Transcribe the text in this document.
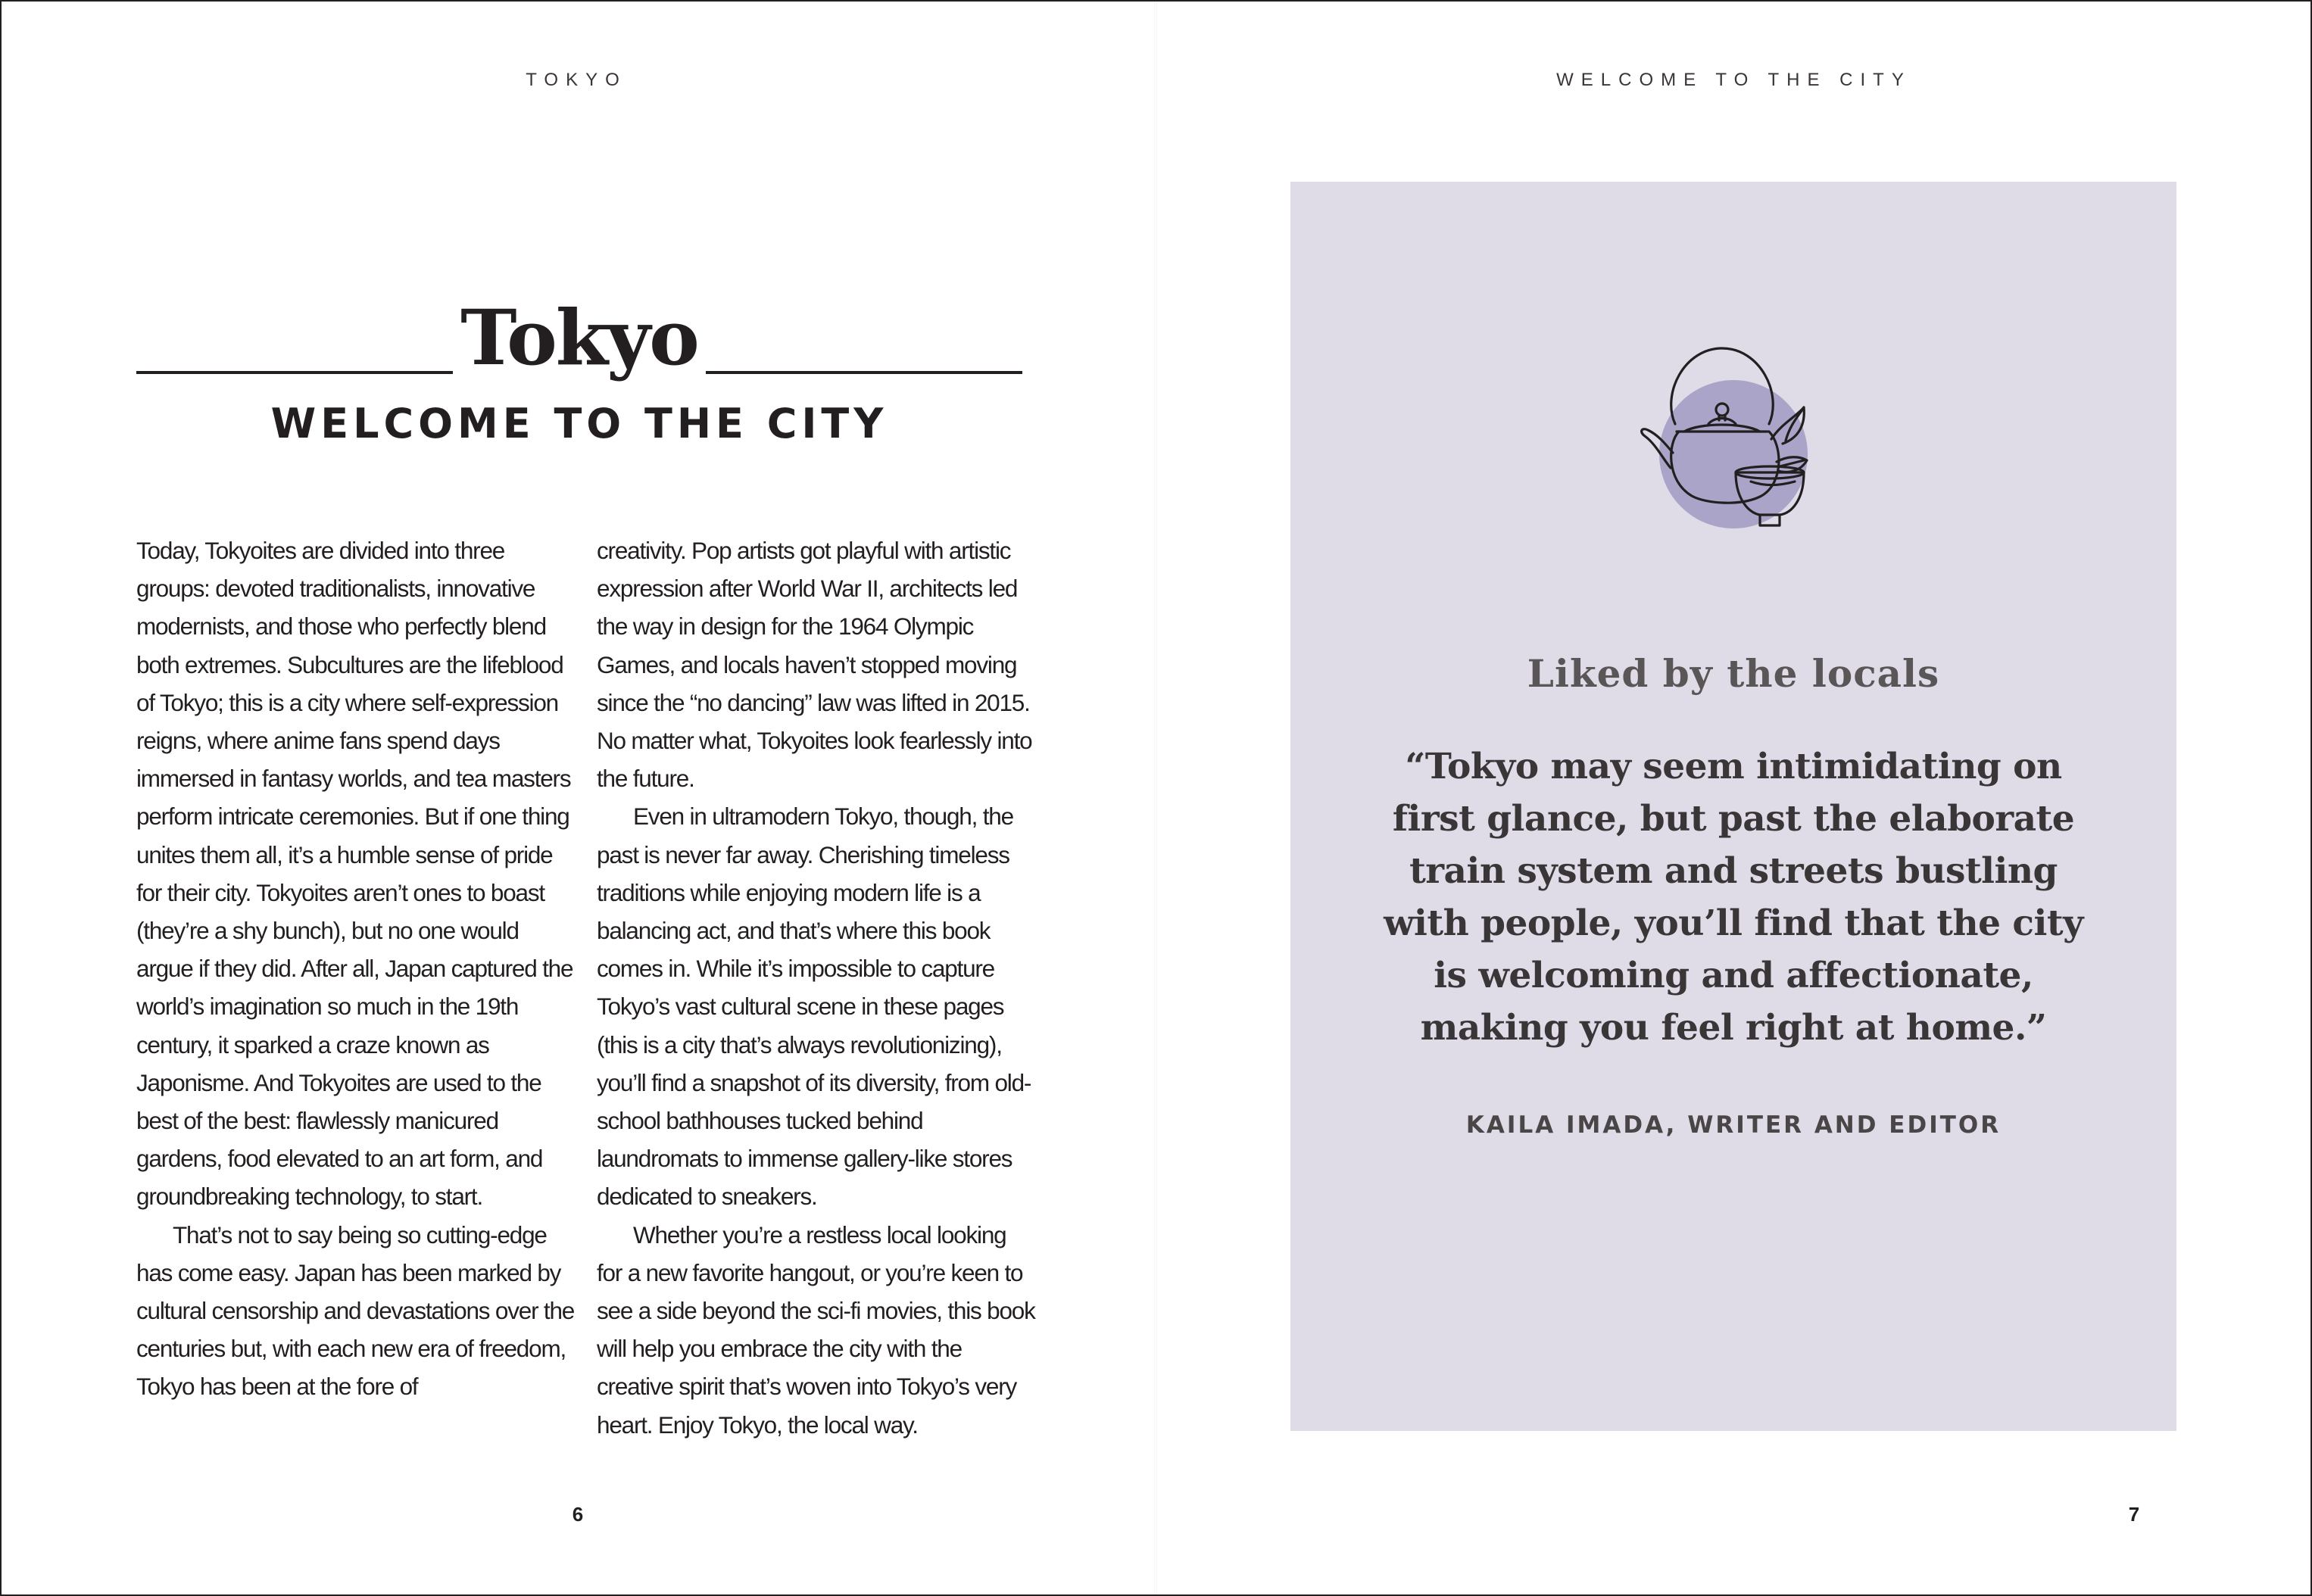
TOKYO
Tokyo
WELCOME TO THE CITY

Today, Tokyoites are divided into three groups: devoted traditionalists, innovative modernists, and those who perfectly blend both extremes. Subcultures are the lifeblood of Tokyo; this is a city where self-expression reigns, where anime fans spend days immersed in fantasy worlds, and tea masters perform intricate ceremonies. But if one thing unites them all, it’s a humble sense of pride for their city. Tokyoites aren’t ones to boast (they’re a shy bunch), but no one would argue if they did. After all, Japan captured the world’s imagination so much in the 19th century, it sparked a craze known as Japonisme. And Tokyoites are used to the best of the best: flawlessly manicured gardens, food elevated to an art form, and groundbreaking technology, to start.

That’s not to say being so cutting-edge has come easy. Japan has been marked by cultural censorship and devastations over the centuries but, with each new era of freedom, Tokyo has been at the fore of

creativity. Pop artists got playful with artistic expression after World War II, architects led the way in design for the 1964 Olympic Games, and locals haven’t stopped moving since the “no dancing” law was lifted in 2015. No matter what, Tokyoites look fearlessly into the future.

Even in ultramodern Tokyo, though, the past is never far away. Cherishing timeless traditions while enjoying modern life is a balancing act, and that’s where this book comes in. While it’s impossible to capture Tokyo’s vast cultural scene in these pages (this is a city that’s always revolutionizing), you’ll find a snapshot of its diversity, from old-school bathhouses tucked behind laundromats to immense gallery-like stores dedicated to sneakers.

Whether you’re a restless local looking for a new favorite hangout, or you’re keen to see a side beyond the sci-fi movies, this book will help you embrace the city with the creative spirit that’s woven into Tokyo’s very heart. Enjoy Tokyo, the local way.

6
WELCOME TO THE CITY
Liked by the locals
“Tokyo may seem intimidating on first glance, but past the elaborate train system and streets bustling with people, you’ll find that the city is welcoming and affectionate, making you feel right at home.”
KAILA IMADA, WRITER AND EDITOR
7
